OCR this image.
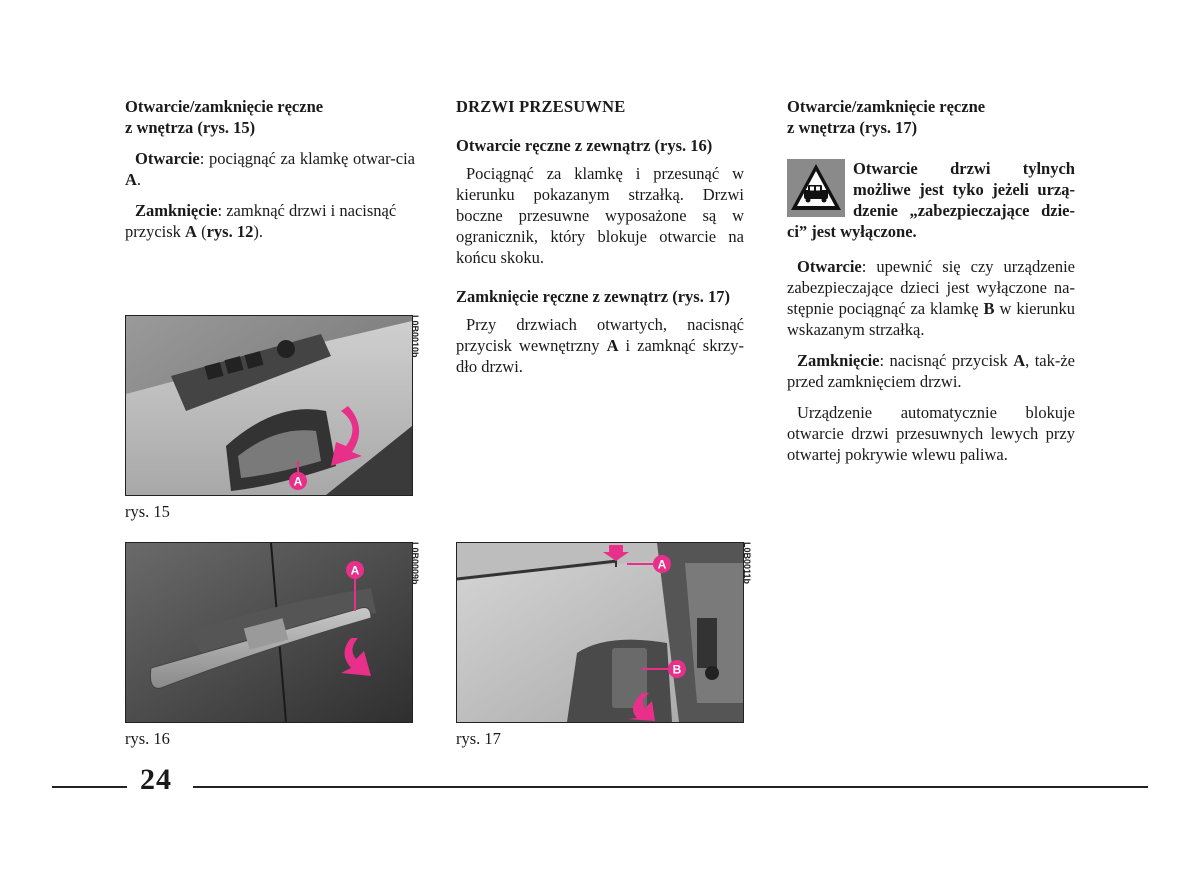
Otwarcie/zamknięcie ręczne
z wnętrza (rys. 15)

Otwarcie: pociągnąć za klamkę otwar-cia A.

Zamknięcie: zamknąć drzwi i nacisnąć przycisk A (rys. 12).

DRZWI PRZESUWNE
Otwarcie ręczne z zewnątrz (rys. 16)

Pociągnąć za klamkę i przesunąć w kierunku pokazanym strzałką. Drzwi boczne przesuwne wyposażone są w ogranicznik, który blokuje otwarcie na końcu skoku.

Zamknięcie ręczne z zewnątrz (rys. 17)

Przy drzwiach otwartych, nacisnąć przycisk wewnętrzny A i zamknąć skrzy-dło drzwi.

Otwarcie/zamknięcie ręczne
z wnętrza (rys. 17)
Otwarcie drzwi tylnych
możliwe jest tyko jeżeli urzą-
dzenie „zabezpieczające dzie-
ci” jest wyłączone.

Otwarcie: upewnić się czy urządzenie zabezpieczające dzieci jest wyłączone na-stępnie pociągnąć za klamkę B w kierunku wskazanym strzałką.

Zamknięcie: nacisnąć przycisk A, tak-że przed zamknięciem drzwi.

Urządzenie automatycznie blokuje otwarcie drzwi przesuwnych lewych przy otwartej pokrywie wlewu paliwa.

A
L0B0010b
rys. 15
A	L0B0009b
rys. 16
A
B
L0B0011b
rys. 17
24
